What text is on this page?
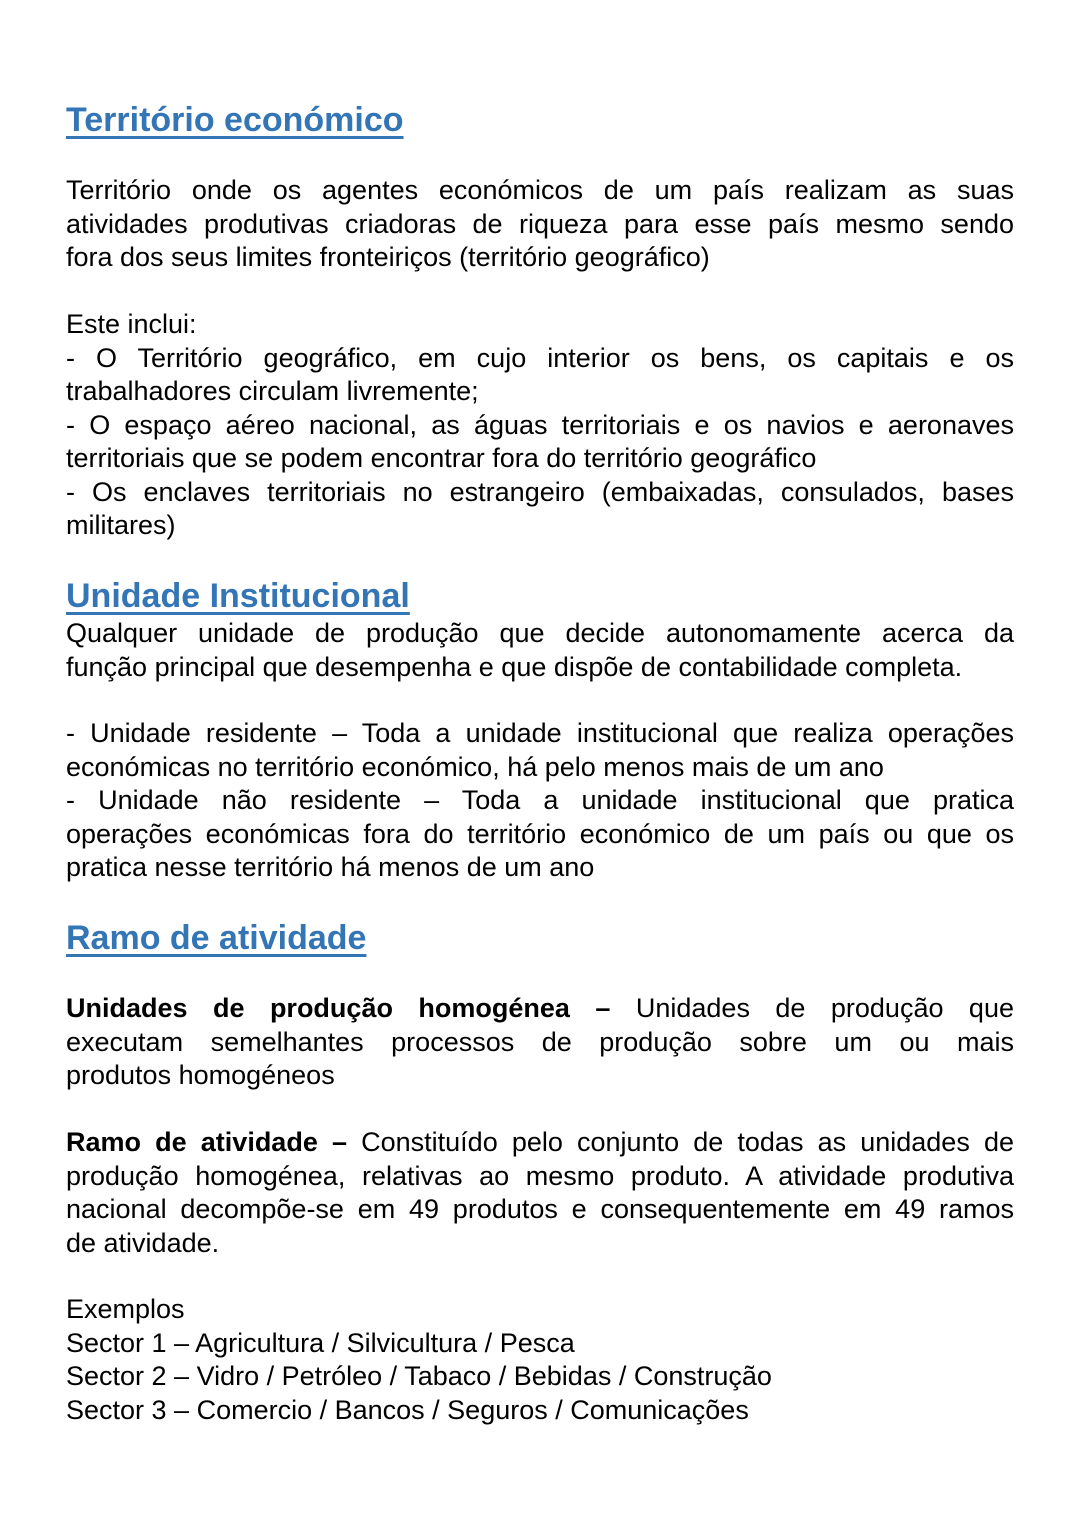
Território económico
Território onde os agentes económicos de um país realizam as suas
atividades produtivas criadoras de riqueza para esse país mesmo sendo
fora dos seus limites fronteiriços (território geográfico)
Este inclui:
- O Território geográfico, em cujo interior os bens, os capitais e os
trabalhadores circulam livremente;
- O espaço aéreo nacional, as águas territoriais e os navios e aeronaves
territoriais que se podem encontrar fora do território geográfico
- Os enclaves territoriais no estrangeiro (embaixadas, consulados, bases
militares)
Unidade Institucional
Qualquer unidade de produção que decide autonomamente acerca da
função principal que desempenha e que dispõe de contabilidade completa.
- Unidade residente – Toda a unidade institucional que realiza operações
económicas no território económico, há pelo menos mais de um ano
- Unidade não residente – Toda a unidade institucional que pratica
operações económicas fora do território económico de um país ou que os
pratica nesse território há menos de um ano
Ramo de atividade
Unidades de produção homogénea – Unidades de produção que
executam semelhantes processos de produção sobre um ou mais
produtos homogéneos
Ramo de atividade – Constituído pelo conjunto de todas as unidades de
produção homogénea, relativas ao mesmo produto. A atividade produtiva
nacional decompõe-se em 49 produtos e consequentemente em 49 ramos
de atividade.
Exemplos
Sector 1 – Agricultura / Silvicultura / Pesca
Sector 2 – Vidro / Petróleo / Tabaco / Bebidas / Construção
Sector 3 – Comercio / Bancos / Seguros / Comunicações
